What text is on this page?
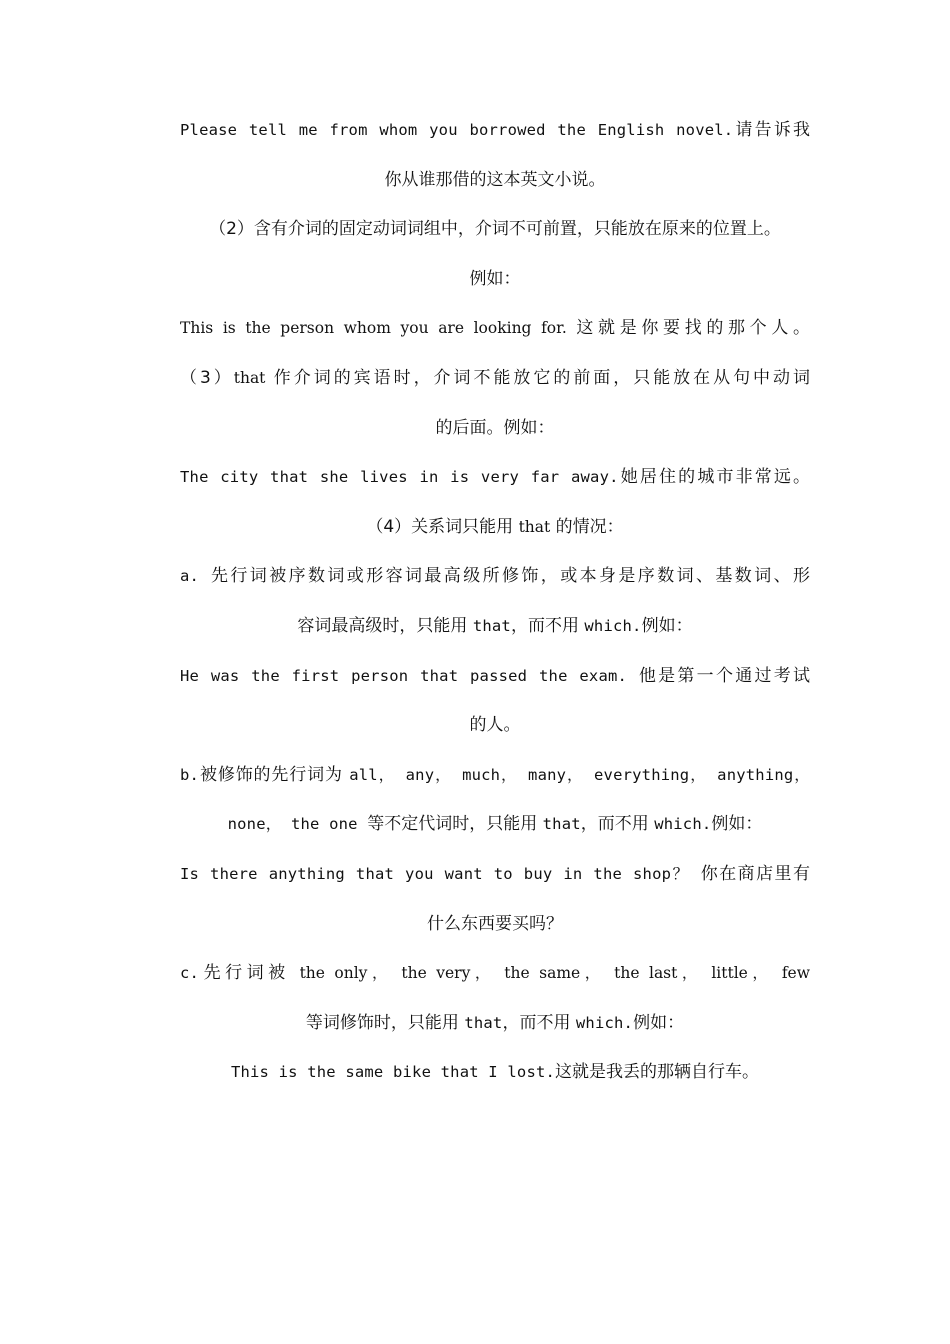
Please tell me from whom you borrowed the English novel.请告诉我
你从谁那借的这本英文小说。
（2）含有介词的固定动词词组中，介词不可前置，只能放在原来的位置上。
例如：
This is the person whom you are looking for. 这就是你要找的那个人。
（3）that 作介词的宾语时，介词不能放它的前面，只能放在从句中动词
的后面。例如：
The city that she lives in is very far away.她居住的城市非常远。
（4）关系词只能用 that 的情况：
a. 先行词被序数词或形容词最高级所修饰，或本身是序数词、基数词、形
容词最高级时，只能用 that，而不用 which.例如：
He was the first person that passed the exam. 他是第一个通过考试
的人。
b.被修饰的先行词为 all， any， much， many， everything， anything，
none， the one 等不定代词时，只能用 that，而不用 which.例如：
Is there anything that you want to buy in the shop？ 你在商店里有
什么东西要买吗？
c.先行词被 the only， the very， the same， the last， little， few
等词修饰时，只能用 that，而不用 which.例如：
This is the same bike that I lost.这就是我丢的那辆自行车。
